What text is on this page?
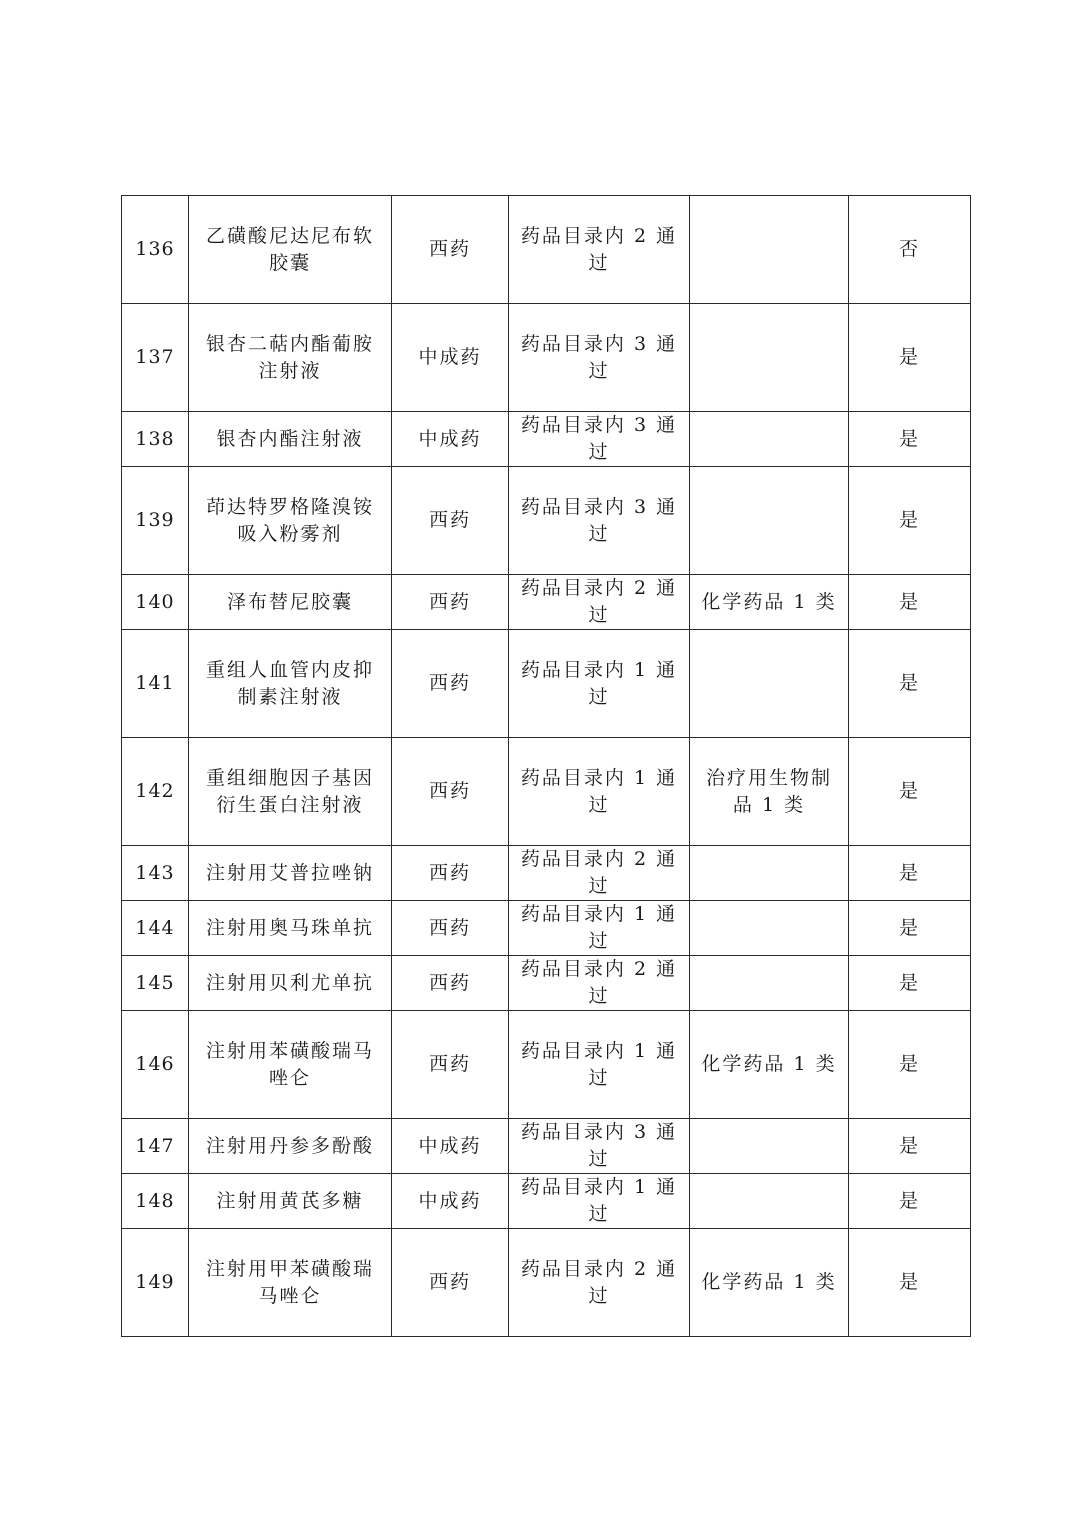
136	乙磺酸尼达尼布软胶囊	西药	药品目录内 2 通过		否
137	银杏二萜内酯葡胺注射液	中成药	药品目录内 3 通过		是
138	银杏内酯注射液	中成药	药品目录内 3 通过		是
139	茚达特罗格隆溴铵吸入粉雾剂	西药	药品目录内 3 通过		是
140	泽布替尼胶囊	西药	药品目录内 2 通过	化学药品 1 类	是
141	重组人血管内皮抑制素注射液	西药	药品目录内 1 通过		是
142	重组细胞因子基因衍生蛋白注射液	西药	药品目录内 1 通过	治疗用生物制品 1 类	是
143	注射用艾普拉唑钠	西药	药品目录内 2 通过		是
144	注射用奥马珠单抗	西药	药品目录内 1 通过		是
145	注射用贝利尤单抗	西药	药品目录内 2 通过		是
146	注射用苯磺酸瑞马唑仑	西药	药品目录内 1 通过	化学药品 1 类	是
147	注射用丹参多酚酸	中成药	药品目录内 3 通过		是
148	注射用黄芪多糖	中成药	药品目录内 1 通过		是
149	注射用甲苯磺酸瑞马唑仑	西药	药品目录内 2 通过	化学药品 1 类	是
